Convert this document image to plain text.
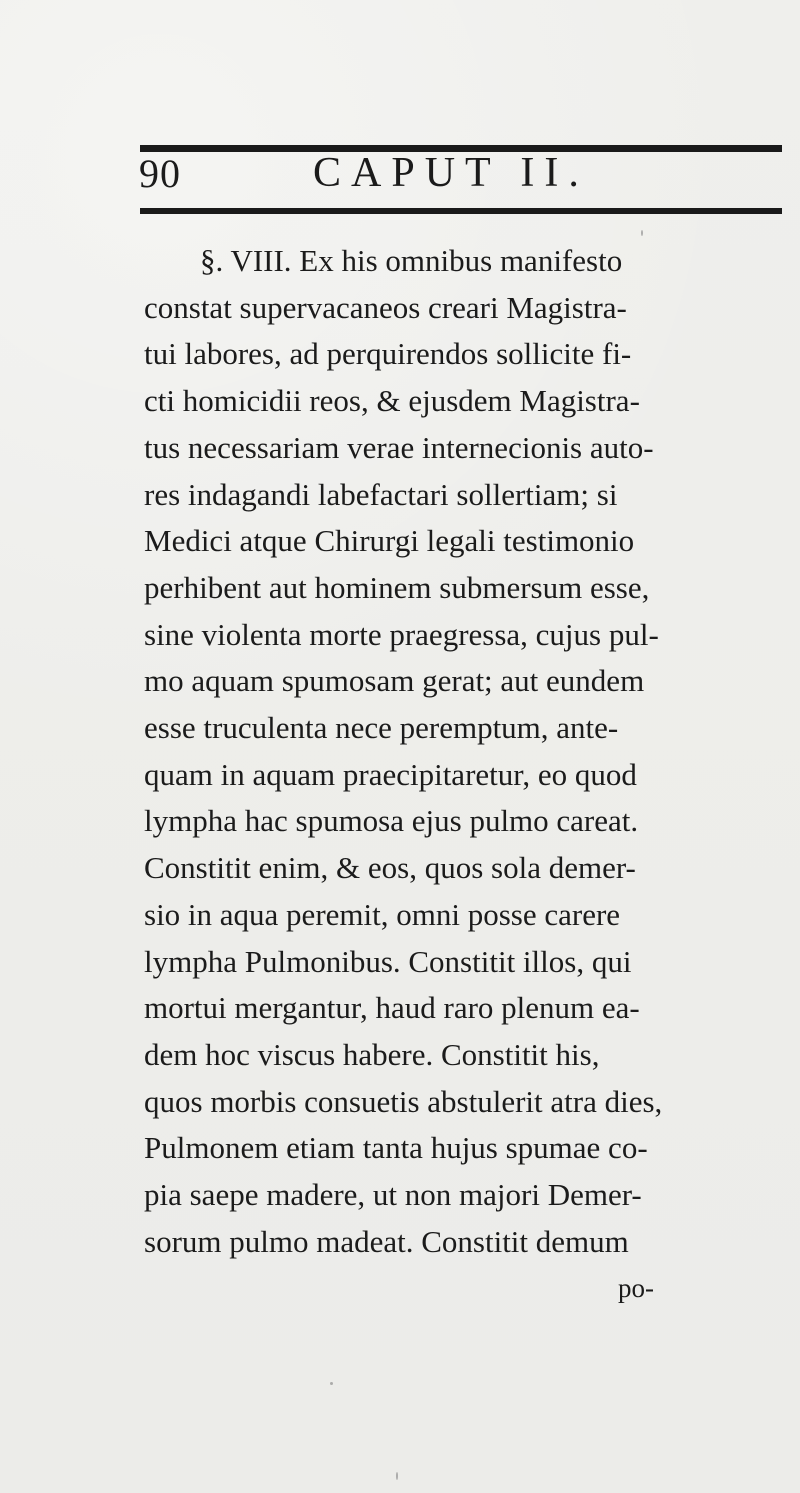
90	CAPUT II.
§. VIII. Ex his omnibus manifesto
constat supervacaneos creari Magistra-
tui labores, ad perquirendos sollicite fi-
cti homicidii reos, & ejusdem Magistra-
tus necessariam verae internecionis auto-
res indagandi labefactari sollertiam; si
Medici atque Chirurgi legali testimonio
perhibent aut hominem submersum esse,
sine violenta morte praegressa, cujus pul-
mo aquam spumosam gerat; aut eundem
esse truculenta nece peremptum, ante-
quam in aquam praecipitaretur, eo quod
lympha hac spumosa ejus pulmo careat.
Constitit enim, & eos, quos sola demer-
sio in aqua peremit, omni posse carere
lympha Pulmonibus. Constitit illos, qui
mortui mergantur, haud raro plenum ea-
dem hoc viscus habere. Constitit his,
quos morbis consuetis abstulerit atra dies,
Pulmonem etiam tanta hujus spumae co-
pia saepe madere, ut non majori Demer-
sorum pulmo madeat. Constitit demum
po-
